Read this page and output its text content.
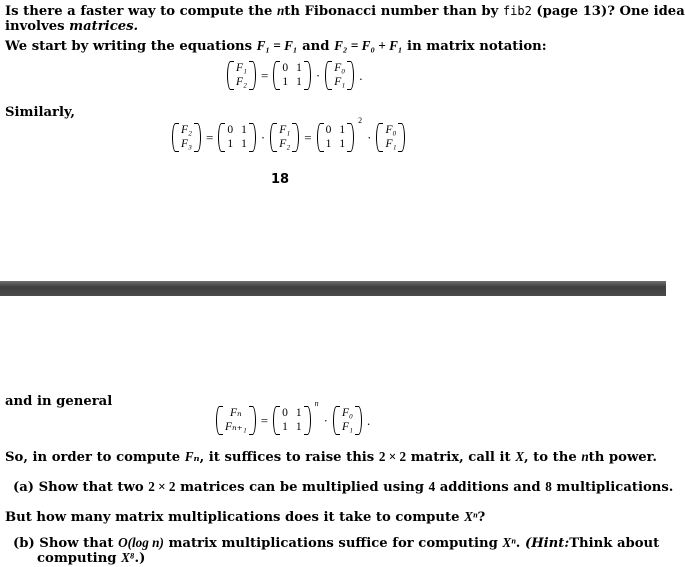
Is there a faster way to compute the nth Fibonacci number than by fib2 (page 13)? One idea
involves matrices.
We start by writing the equations F₁ = F₁ and F₂ = F₀ + F₁ in matrix notation:
F₁
F₂ = 0 1
1 1 · F₀
F₁ .
Similarly,
F₂
F₃ = 0 1
1 1 · F₁
F₂ = 0 1
1 1
2
· F₀
F₁
18
and in general
Fₙ
Fₙ₊₁ = 0 1
1 1
n
· F₀
F₁ .
So, in order to compute Fₙ, it suffices to raise this 2 × 2 matrix, call it X, to the nth power.
(a) Show that two 2 × 2 matrices can be multiplied using 4 additions and 8 multiplications.
But how many matrix multiplications does it take to compute Xⁿ?
(b) Show that O(log n) matrix multiplications suffice for computing Xⁿ. (Hint:Think about
computing X⁸.)
